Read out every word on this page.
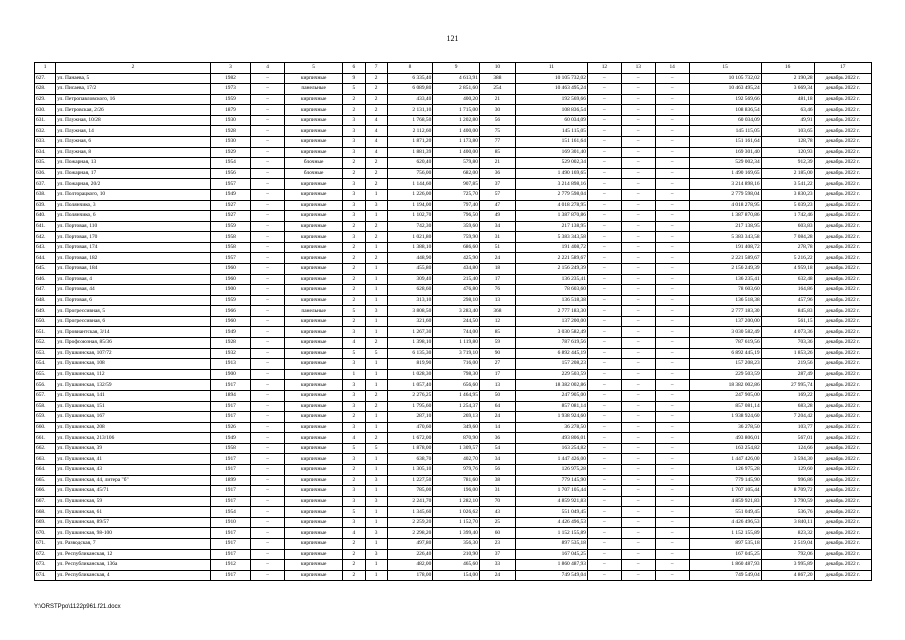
121
1	2	3	4	5	6	7	8	9	10	11	12	13	14	15	16	17
627.	ул. Панаева, 5	1982	–	кирпичные	9	2	6 335,40	4 613,91	388	10 105 732,02	–	–	–	10 105 732,02	2 190,28	декабрь 2022 г.
628.	ул. Писаева, 17/2	1973	–	панельные	5	2	6 089,80	2 851,60	254	10 463 495,24	–	–	–	10 463 495,24	3 669,34	декабрь 2022 г.
629.	ул. Петропавловского, 16	1959	–	кирпичные	2	2	433,40	400,20	21	192 569,66	–	–	–	192 569,66	481,18	декабрь 2022 г.
630.	ул. Петровская, 2/26	1879	–	кирпичные	2	2	2 131,10	1 715,00	30	108 836,54	–	–	–	108 836,54	63,46	декабрь 2022 г.
631.	ул. Плужная, 10/28	1930	–	кирпичные	3	4	1 768,50	1 202,80	56	60 034,09	–	–	–	60 034,09	49,91	декабрь 2022 г.
632.	ул. Плужная, 14	1928	–	кирпичные	3	4	2 112,60	1 400,00	75	145 115,05	–	–	–	145 115,05	103,65	декабрь 2022 г.
633.	ул. Плужная, 6	1930	–	кирпичные	3	4	1 871,20	1 173,80	77	151 161,64	–	–	–	151 161,64	128,78	декабрь 2022 г.
634.	ул. Плужная, 8	1929	–	кирпичные	3	4	1 881,39	1 400,00	85	169 301,40	–	–	–	169 301,40	120,93	декабрь 2022 г.
635.	ул. Пожарная, 13	1954	–	блочные	2	2	620,40	579,80	21	529 002,34	–	–	–	529 002,34	912,39	декабрь 2022 г.
636.	ул. Пожарная, 17	1956	–	блочные	2	2	756,00	682,00	36	1 490 169,65	–	–	–	1 490 169,65	2 185,00	декабрь 2022 г.
637.	ул. Пожарная, 20/2	1957	–	кирпичные	3	2	1 144,60	907,85	37	3 214 898,16	–	–	–	3 214 898,16	3 541,22	декабрь 2022 г.
638.	ул. Полторацкого, 10	1949	–	кирпичные	3	1	1 226,00	725,70	57	2 779 598,04	–	–	–	2 779 598,04	3 830,23	декабрь 2022 г.
639.	ул. Полянчико, 3	1927	–	кирпичные	3	3	1 194,00	797,40	47	4 018 278,95	–	–	–	4 018 278,95	5 039,23	декабрь 2022 г.
640.	ул. Полянчико, 6	1927	–	кирпичные	3	1	1 102,70	796,50	49	1 387 870,86	–	–	–	1 387 870,86	1 742,46	декабрь 2022 г.
641.	ул. Портовая, 110	1959	–	кирпичные	2	2	742,30	359,60	34	217 138,95	–	–	–	217 138,95	603,83	декабрь 2022 г.
642.	ул. Портовая, 170	1958	–	кирпичные	3	2	1 021,80	759,90	31	5 383 343,58	–	–	–	5 383 343,58	7 084,28	декабрь 2022 г.
643.	ул. Портовая, 174	1958	–	кирпичные	2	1	1 388,10	686,60	51	191 408,72	–	–	–	191 408,72	278,78	декабрь 2022 г.
644.	ул. Портовая, 182	1957	–	кирпичные	2	2	448,90	425,90	24	2 221 589,67	–	–	–	2 221 589,67	5 216,22	декабрь 2022 г.
645.	ул. Портовая, 184	1960	–	кирпичные	2	1	455,80	434,80	18	2 156 249,39	–	–	–	2 156 249,39	4 959,18	декабрь 2022 г.
646.	ул. Портовая, 4	1960	–	кирпичные	2	1	309,40	215,40	17	136 235,41	–	–	–	136 235,41	632,48	декабрь 2022 г.
647.	ул. Портовая, 44	1900	–	кирпичные	2	1	628,60	476,80	76	78 603,60	–	–	–	78 603,60	164,86	декабрь 2022 г.
648.	ул. Портовая, 6	1959	–	кирпичные	2	1	313,10	298,10	13	136 518,38	–	–	–	136 518,38	457,96	декабрь 2022 г.
649.	ул. Прогрессивная, 5	1966	–	панельные	5	3	3 808,50	3 283,40	368	2 777 183,30	–	–	–	2 777 183,30	845,83	декабрь 2022 г.
650.	ул. Прогрессивная, 6	1960	–	кирпичные	2	1	321,60	244,50	12	137 200,00	–	–	–	137 200,00	561,15	декабрь 2022 г.
651.	ул. Провиантская, 3/14	1949	–	кирпичные	3	1	1 267,30	744,00	85	3 030 582,49	–	–	–	3 030 582,49	4 073,36	декабрь 2022 г.
652.	ул. Профсоюзная, 85/36	1928	–	кирпичные	4	2	1 398,10	1 119,80	59	787 619,56	–	–	–	787 619,56	703,36	декабрь 2022 г.
653.	ул. Пушкинская, 107/72	1932	–	кирпичные	5	5	6 135,30	3 719,10	90	6 892 445,19	–	–	–	6 892 445,19	1 853,26	декабрь 2022 г.
654.	ул. Пушкинская, 108	1913	–	кирпичные	3	1	819,90	716,00	27	157 208,23	–	–	–	157 208,23	219,56	декабрь 2022 г.
655.	ул. Пушкинская, 112	1900	–	кирпичные	1	1	1 028,30	798,30	17	229 503,59	–	–	–	229 503,59	287,49	декабрь 2022 г.
656.	ул. Пушкинская, 132/59	1917	–	кирпичные	3	1	1 057,40	656,60	13	18 382 002,86	–	–	–	18 382 002,86	27 995,74	декабрь 2022 г.
657.	ул. Пушкинская, 141	1894	–	кирпичные	3	2	2 276,25	1 464,95	50	247 905,00	–	–	–	247 905,00	169,22	декабрь 2022 г.
658.	ул. Пушкинская, 151	1917	–	кирпичные	3	2	1 795,60	1 254,37	64	857 081,14	–	–	–	857 081,14	683,28	декабрь 2022 г.
659.	ул. Пушкинская, 167	1917	–	кирпичные	2	1	287,10	269,13	24	1 938 924,60	–	–	–	1 938 924,60	7 204,42	декабрь 2022 г.
660.	ул. Пушкинская, 208	1926	–	кирпичные	3	1	470,60	349,60	14	36 278,50	–	–	–	36 278,50	103,77	декабрь 2022 г.
661.	ул. Пушкинская, 213/106	1949	–	кирпичные	4	2	1 672,00	870,90	36	493 806,01	–	–	–	493 806,01	567,01	декабрь 2022 г.
662.	ул. Пушкинская, 39	1958	–	кирпичные	5	5	1 878,00	1 309,57	54	163 254,82	–	–	–	163 254,82	124,66	декабрь 2022 г.
663.	ул. Пушкинская, 41	1917	–	кирпичные	3	1	638,70	402,70	34	1 447 426,00	–	–	–	1 447 426,00	3 594,30	декабрь 2022 г.
664.	ул. Пушкинская, 43	1917	–	кирпичные	2	1	1 305,10	979,76	56	126 975,28	–	–	–	126 975,28	129,60	декабрь 2022 г.
665.	ул. Пушкинская, 44, литера "б"	1899	–	кирпичные	2	3	1 227,50	781,60	38	779 145,90	–	–	–	779 145,90	996,86	декабрь 2022 г.
666.	ул. Пушкинская, 45/71	1917	–	кирпичные	3	1	785,00	196,00	31	1 707 105,44	–	–	–	1 707 105,44	8 709,72	декабрь 2022 г.
667.	ул. Пушкинская, 59	1917	–	кирпичные	3	3	2 241,70	1 282,10	70	4 859 921,83	–	–	–	4 859 921,83	3 790,59	декабрь 2022 г.
668.	ул. Пушкинская, 61	1954	–	кирпичные	5	1	1 345,60	1 026,62	43	551 049,45	–	–	–	551 049,45	536,76	декабрь 2022 г.
669.	ул. Пушкинская, 89/57	1910	–	кирпичные	3	1	2 259,20	1 152,70	25	4 426 496,53	–	–	–	4 426 496,53	3 840,11	декабрь 2022 г.
670.	ул. Пушкинская, 98-100	1917	–	кирпичные	4	3	2 298,20	1 399,40	60	1 152 155,89	–	–	–	1 152 155,89	823,32	декабрь 2022 г.
671.	ул. Разводская, 7	1917	–	кирпичные	2	1	497,80	356,30	23	897 535,18	–	–	–	897 535,18	2 519,04	декабрь 2022 г.
672.	ул. Республиканская, 12	1917	–	кирпичные	2	3	226,40	210,90	37	167 045,25	–	–	–	167 045,25	792,06	декабрь 2022 г.
673.	ул. Республиканская, 136а	1912	–	кирпичные	2	1	482,00	465,60	33	1 860 487,93	–	–	–	1 860 487,93	3 995,89	декабрь 2022 г.
674.	ул. Республиканская, 4	1917	–	кирпичные	2	1	178,00	154,00	24	749 549,04	–	–	–	749 549,04	4 867,20	декабрь 2022 г.
Y:\ORSTPpo\1122p961.f21.docx
